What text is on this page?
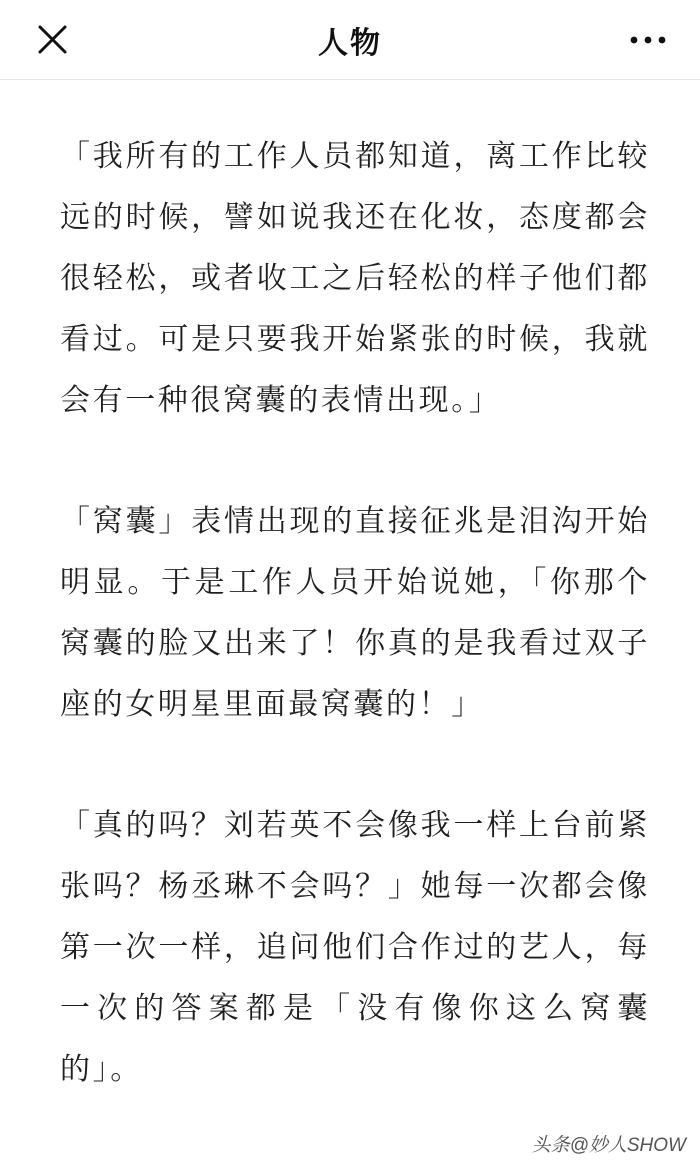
人物

「我所有的工作人员都知道，离工作比较远的时候，譬如说我还在化妆，态度都会很轻松，或者收工之后轻松的样子他们都看过。可是只要我开始紧张的时候，我就会有一种很窝囊的表情出现。」

「窝囊」表情出现的直接征兆是泪沟开始明显。于是工作人员开始说她，「你那个窝囊的脸又出来了！你真的是我看过双子座的女明星里面最窝囊的！」

「真的吗？刘若英不会像我一样上台前紧张吗？杨丞琳不会吗？」她每一次都会像第一次一样，追问他们合作过的艺人，每一次的答案都是「没有像你这么窝囊的」。

头条@妙人SHOW
